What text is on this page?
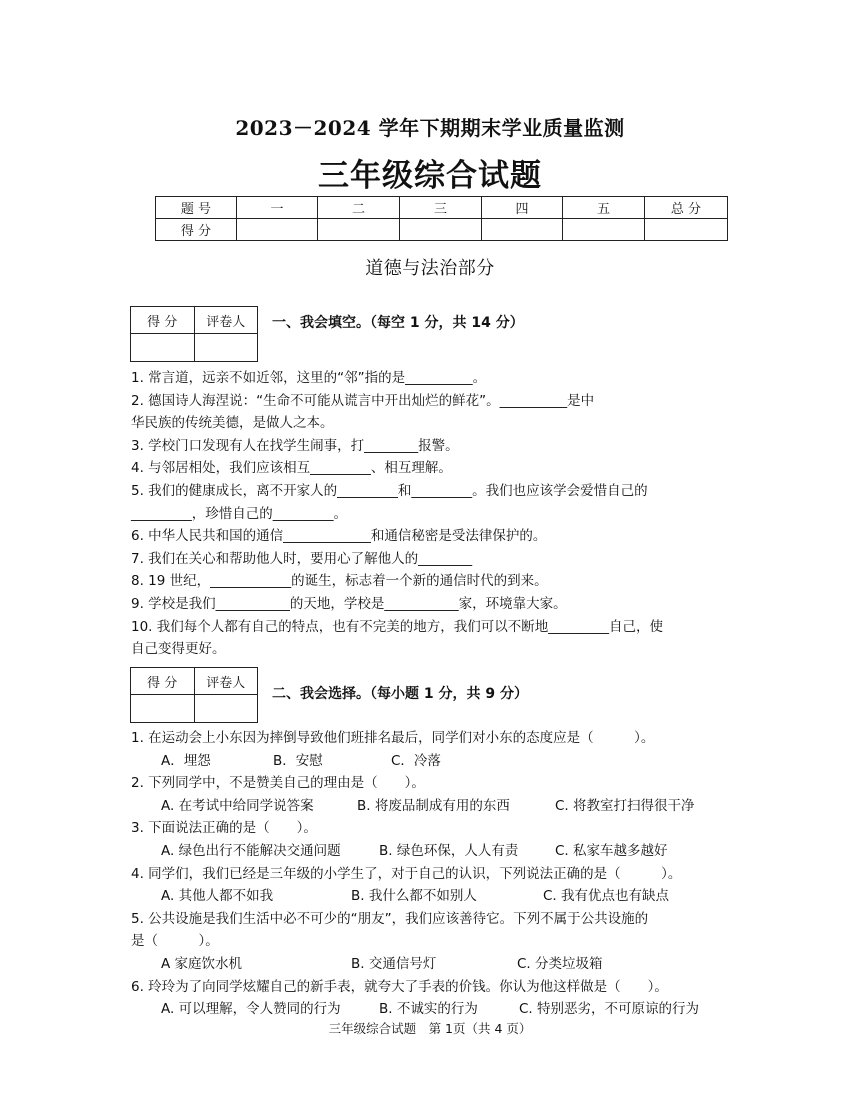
2023－2024 学年下期期末学业质量监测
三年级综合试题
题 号	一	二	三	四	五	总 分
得 分						
道德与法治部分
得 分	评卷人
	一、我会填空。（每空 1 分，共 14 分）
1. 常言道，远亲不如近邻，这里的“邻”指的是__________。
2. 德国诗人海涅说：“生命不可能从谎言中开出灿烂的鲜花”。__________是中
华民族的传统美德，是做人之本。
3. 学校门口发现有人在找学生闹事，打________报警。
4. 与邻居相处，我们应该相互_________、相互理解。
5. 我们的健康成长，离不开家人的_________和_________。我们也应该学会爱惜自己的
_________，珍惜自己的_________。
6. 中华人民共和国的通信_____________和通信秘密是受法律保护的。
7. 我们在关心和帮助他人时，要用心了解他人的________
8. 19 世纪，____________的诞生，标志着一个新的通信时代的到来。
9. 学校是我们___________的天地，学校是___________家，环境靠大家。
10. 我们每个人都有自己的特点，也有不完美的地方，我们可以不断地_________自己，使
自己变得更好。
得 分	评卷人

二、我会选择。（每小题 1 分，共 9 分）
1. 在运动会上小东因为摔倒导致他们班排名最后，同学们对小东的态度应是（　　　）。
A．埋怨	B．安慰	C．冷落
2. 下列同学中，不是赞美自己的理由是（　　）。
A. 在考试中给同学说答案	B. 将废品制成有用的东西	C. 将教室打扫得很干净
3. 下面说法正确的是（　　）。
A. 绿色出行不能解决交通问题	B. 绿色环保，人人有责	C. 私家车越多越好
4. 同学们，我们已经是三年级的小学生了，对于自己的认识，下列说法正确的是（　　　）。
A. 其他人都不如我	B. 我什么都不如别人	C. 我有优点也有缺点
5. 公共设施是我们生活中必不可少的“朋友”，我们应该善待它。下列不属于公共设施的
是（　　　）。
A 家庭饮水机	B. 交通信号灯	C. 分类垃圾箱
6. 玲玲为了向同学炫耀自己的新手表，就夸大了手表的价钱。你认为他这样做是（　　）。
A. 可以理解，令人赞同的行为	B. 不诚实的行为	C. 特别恶劣，不可原谅的行为
三年级综合试题　第 1页（共 4 页）
